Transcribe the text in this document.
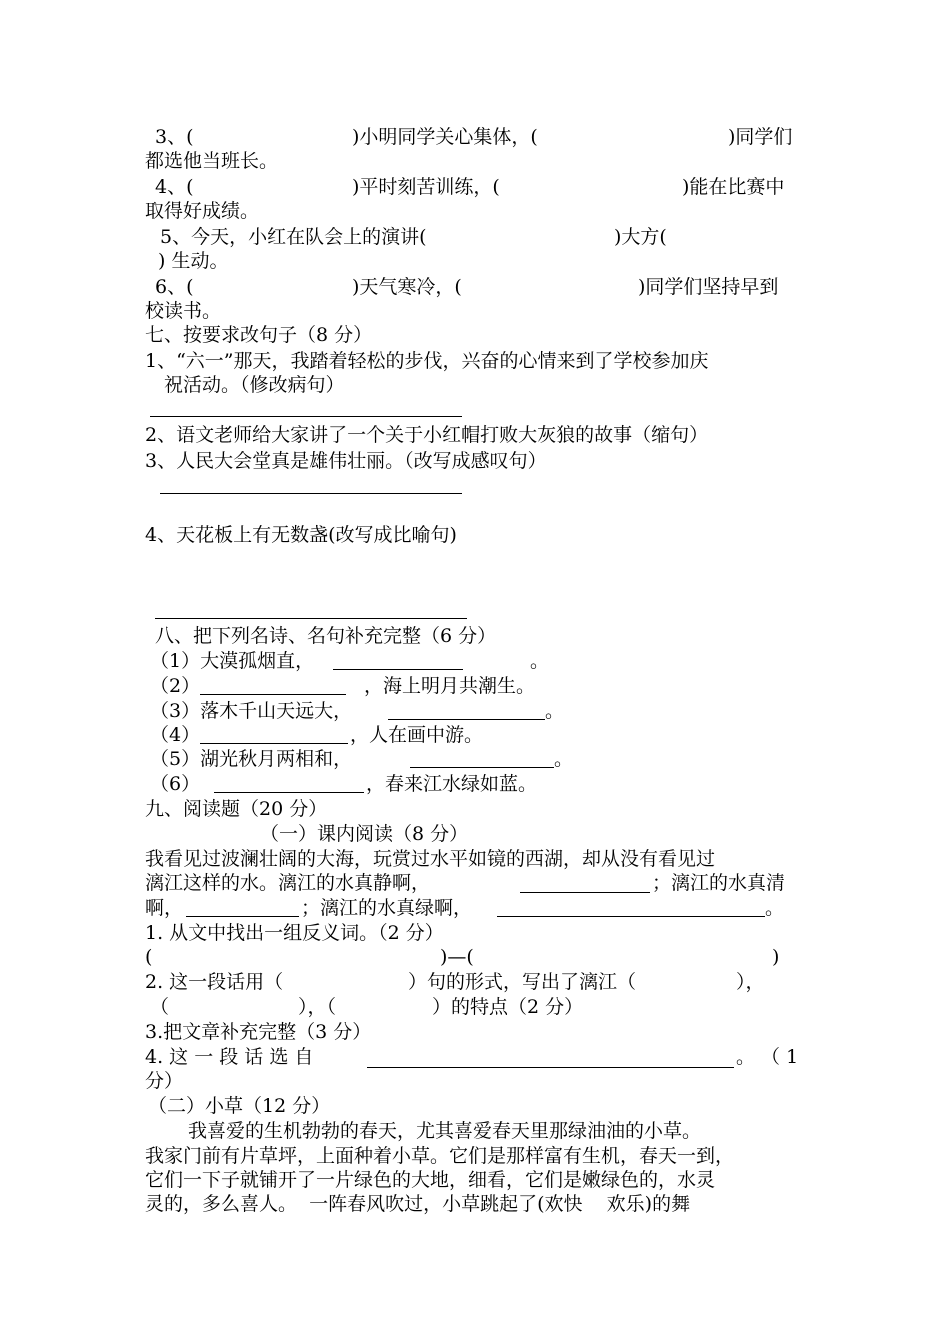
3、(	)小明同学关心集体，(	)同学们
都选他当班长。
4、(	)平时刻苦训练，(	)能在比赛中
取得好成绩。
5、今天，小红在队会上的演讲(	)大方(
) 生动。
6、(	)天气寒冷，(	)同学们坚持早到
校读书。
七、按要求改句子（8 分）
1、“六一”那天，我踏着轻松的步伐，兴奋的心情来到了学校参加庆
祝活动。（修改病句）
2、语文老师给大家讲了一个关于小红帽打败大灰狼的故事（缩句）
3、人民大会堂真是雄伟壮丽。（改写成感叹句）
4、天花板上有无数盏(改写成比喻句)
八、把下列名诗、名句补充完整（6 分）
（1）大漠孤烟直，	。
（2）	，海上明月共潮生。
（3）落木千山天远大，	。
（4）	，人在画中游。
（5）湖光秋月两相和，	。
（6）	，春来江水绿如蓝。
九、阅读题（20 分）
（一）课内阅读（8 分）
我看见过波澜壮阔的大海，玩赏过水平如镜的西湖，却从没有看见过
漓江这样的水。漓江的水真静啊，	；漓江的水真清
啊，	；漓江的水真绿啊，	。
1. 从文中找出一组反义词。（2 分）
(	)—(	)
2. 这一段话用（	）句的形式，写出了漓江（	），
（	），（	）的特点（2 分）
3.把文章补充完整（3 分）
4. 这 一 段 话 选 自	。 （ 1
分）
（二）小草（12 分）
我喜爱的生机勃勃的春天，尤其喜爱春天里那绿油油的小草。
我家门前有片草坪，上面种着小草。它们是那样富有生机，春天一到，
它们一下子就铺开了一片绿色的大地，细看，它们是嫩绿色的，水灵
灵的，多么喜人。  一阵春风吹过，小草跳起了(欢快    欢乐)的舞
